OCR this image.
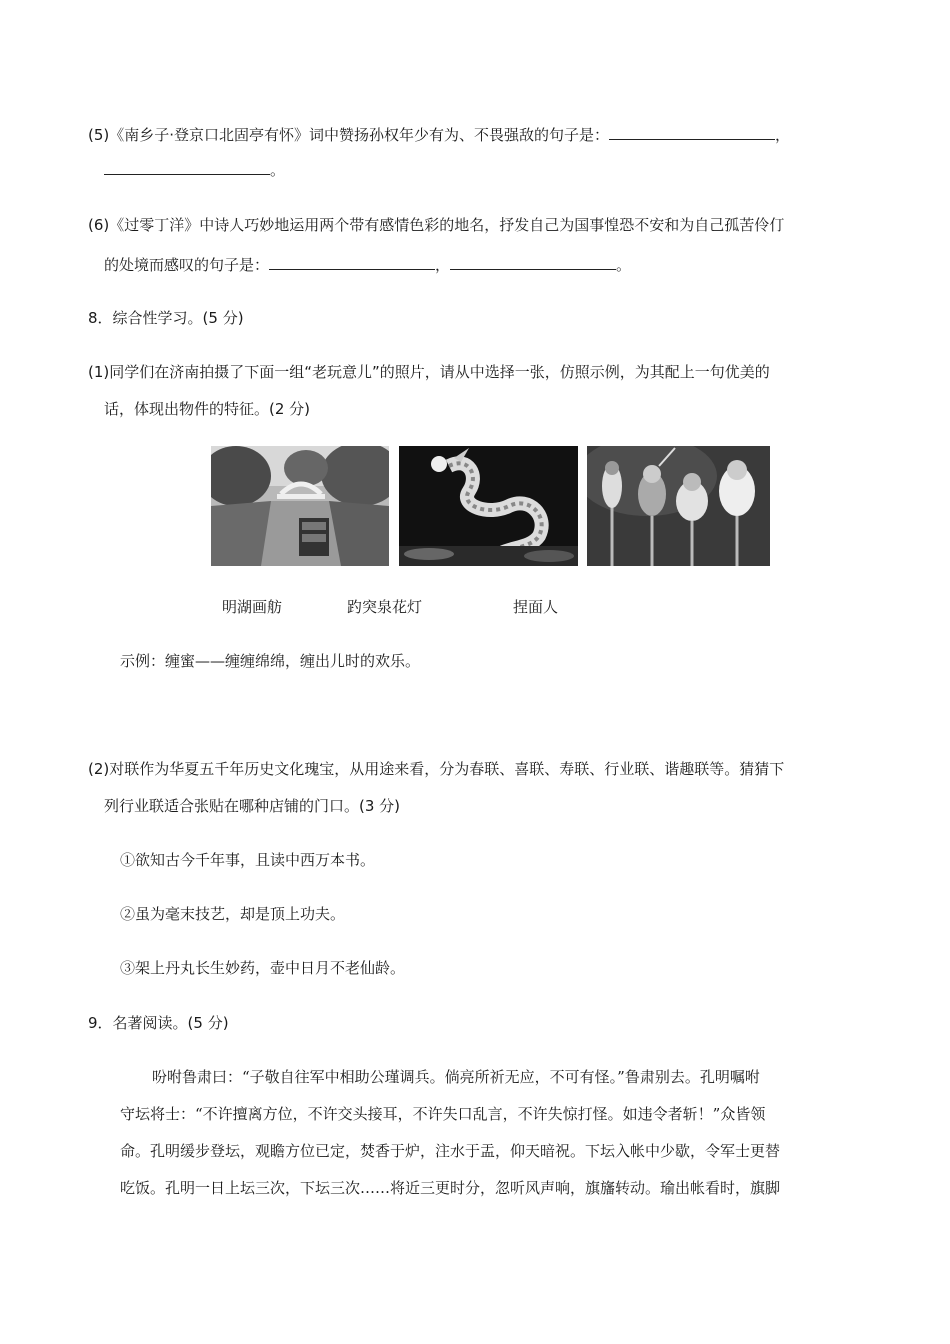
(5)《南乡子·登京口北固亭有怀》词中赞扬孙权年少有为、不畏强敌的句子是：	，
。
(6)《过零丁洋》中诗人巧妙地运用两个带有感情色彩的地名，抒发自己为国事惶恐不安和为自己孤苦伶仃
的处境而感叹的句子是：	，	。
8．综合性学习。(5 分)
(1)同学们在济南拍摄了下面一组“老玩意儿”的照片，请从中选择一张，仿照示例，为其配上一句优美的
话，体现出物件的特征。(2 分)
明湖画舫	趵突泉花灯	捏面人
示例：缠蜜——缠缠绵绵，缠出儿时的欢乐。
(2)对联作为华夏五千年历史文化瑰宝，从用途来看，分为春联、喜联、寿联、行业联、谐趣联等。猜猜下
列行业联适合张贴在哪种店铺的门口。(3 分)
①欲知古今千年事，且读中西万本书。
②虽为毫末技艺，却是顶上功夫。
③架上丹丸长生妙药，壶中日月不老仙龄。
9．名著阅读。(5 分)
吩咐鲁肃曰：“子敬自往军中相助公瑾调兵。倘亮所祈无应，不可有怪。”鲁肃别去。孔明嘱咐
守坛将士：“不许擅离方位，不许交头接耳，不许失口乱言，不许失惊打怪。如违令者斩！”众皆领
命。孔明缓步登坛，观瞻方位已定，焚香于炉，注水于盂，仰天暗祝。下坛入帐中少歇，令军士更替
吃饭。孔明一日上坛三次，下坛三次……将近三更时分，忽听风声响，旗旛转动。瑜出帐看时，旗脚
